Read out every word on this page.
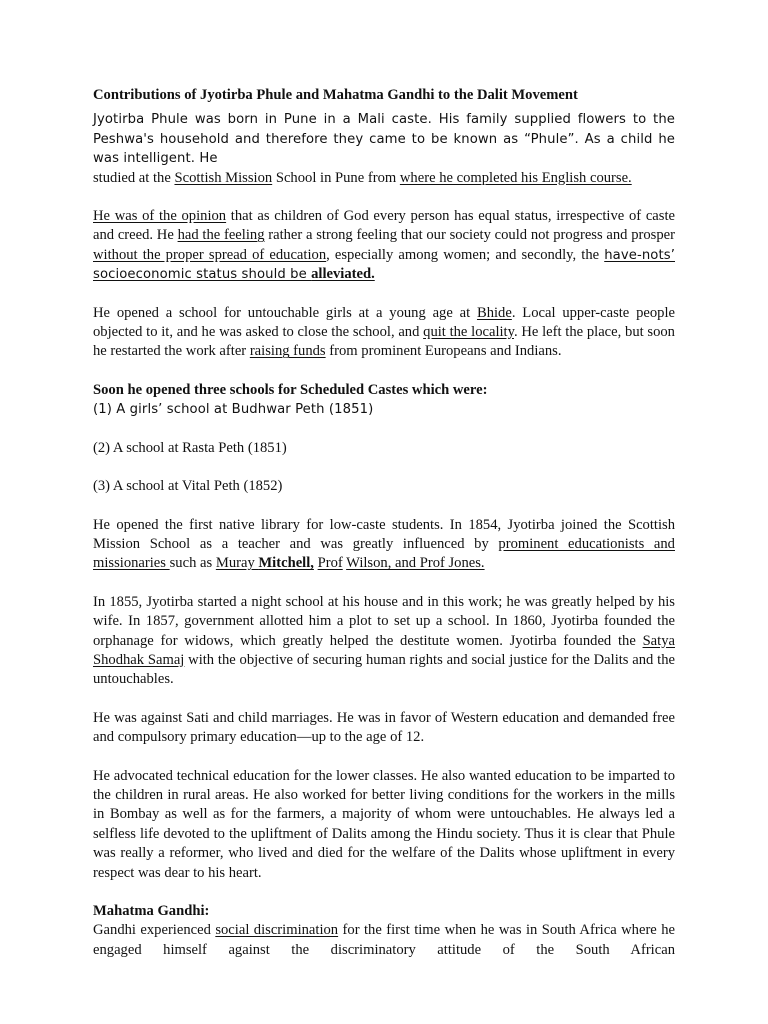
Contributions of Jyotirba Phule and Mahatma Gandhi to the Dalit Movement

Jyotirba Phule was born in Pune in a Mali caste. His family supplied flowers to the Peshwa's household and therefore they came to be known as “Phule”. As a child he was intelligent. He
studied at the Scottish Mission School in Pune from where he completed his English course.

He was of the opinion that as children of God every person has equal status, irrespective of caste and creed. He had the feeling rather a strong feeling that our society could not progress and prosper without the proper spread of education, especially among women; and secondly, the have-nots’ socioeconomic status should be alleviated.

He opened a school for untouchable girls at a young age at Bhide. Local upper-caste people objected to it, and he was asked to close the school, and quit the locality. He left the place, but soon he restarted the work after raising funds from prominent Europeans and Indians.

Soon he opened three schools for Scheduled Castes which were:

(1) A girls’ school at Budhwar Peth (1851)

(2) A school at Rasta Peth (1851)

(3) A school at Vital Peth (1852)

He opened the first native library for low-caste students. In 1854, Jyotirba joined the Scottish Mission School as a teacher and was greatly influenced by prominent educationists and missionaries such as Muray Mitchell, Prof Wilson, and Prof Jones.

In 1855, Jyotirba started a night school at his house and in this work; he was greatly helped by his wife. In 1857, government allotted him a plot to set up a school. In 1860, Jyotirba founded the orphanage for widows, which greatly helped the destitute women. Jyotirba founded the Satya Shodhak Samaj with the objective of securing human rights and social justice for the Dalits and the untouchables.

He was against Sati and child marriages. He was in favor of Western education and demanded free and compulsory primary education—up to the age of 12.

He advocated technical education for the lower classes. He also wanted education to be imparted to the children in rural areas. He also worked for better living conditions for the workers in the mills in Bombay as well as for the farmers, a majority of whom were untouchables. He always led a selfless life devoted to the upliftment of Dalits among the Hindu society. Thus it is clear that Phule was really a reformer, who lived and died for the welfare of the Dalits whose upliftment in every respect was dear to his heart.

Mahatma Gandhi:

Gandhi experienced social discrimination for the first time when he was in South Africa where he engaged himself against the discriminatory attitude of the South African
